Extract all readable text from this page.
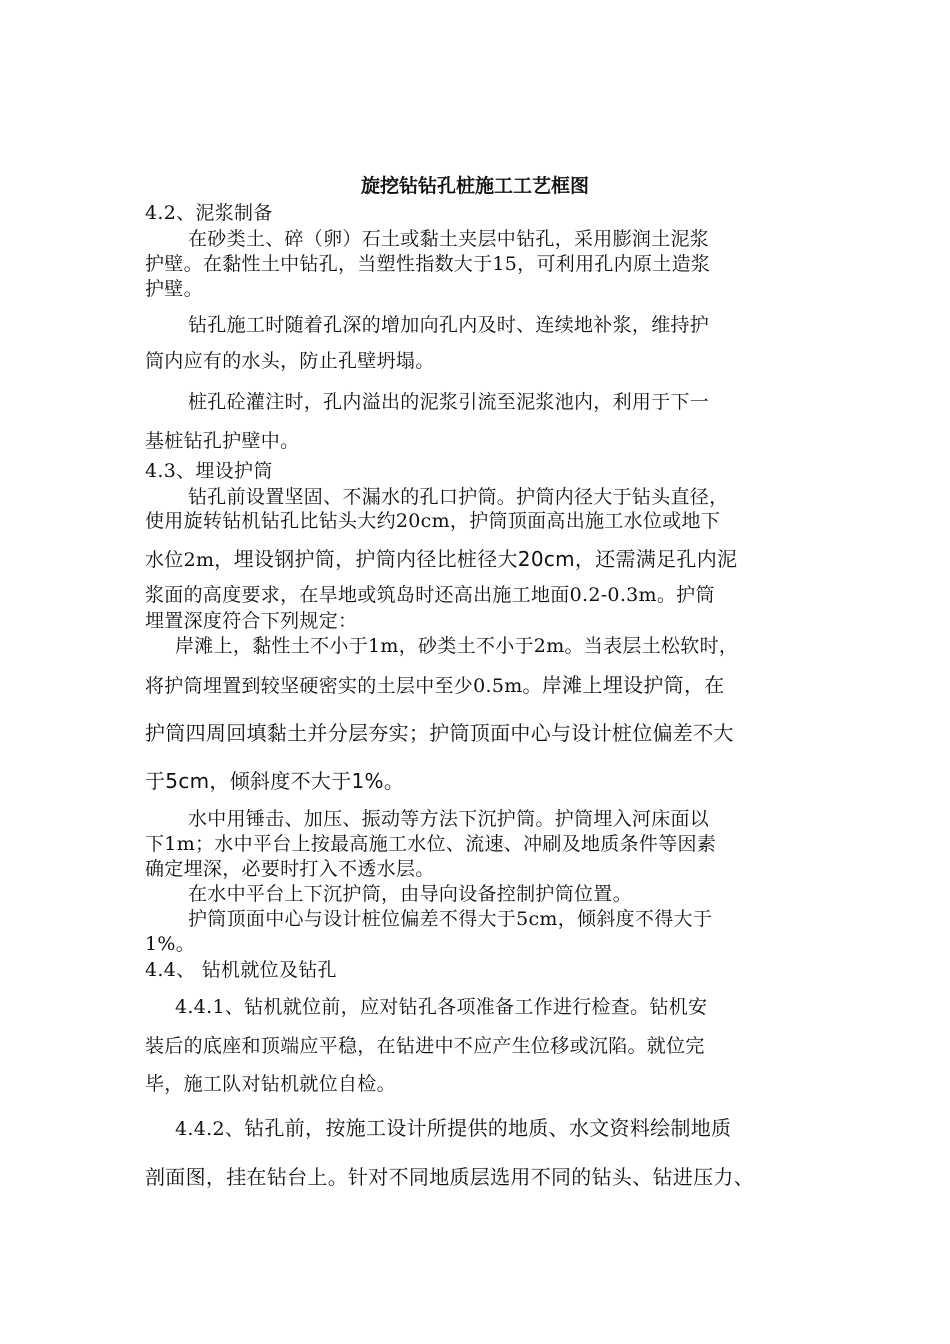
旋挖钻钻孔桩施工工艺框图
4.2、泥浆制备
在砂类土、碎（卵）石土或黏土夹层中钻孔，采用膨润土泥浆
护壁。在黏性土中钻孔，当塑性指数大于15，可利用孔内原土造浆
护壁。
钻孔施工时随着孔深的增加向孔内及时、连续地补浆，维持护
筒内应有的水头，防止孔壁坍塌。
桩孔砼灌注时，孔内溢出的泥浆引流至泥浆池内，利用于下一
基桩钻孔护壁中。
4.3、埋设护筒
钻孔前设置坚固、不漏水的孔口护筒。护筒内径大于钻头直径，
使用旋转钻机钻孔比钻头大约20cm，护筒顶面高出施工水位或地下
水位2m，埋设钢护筒，护筒内径比桩径大20cm，还需满足孔内泥
浆面的高度要求，在旱地或筑岛时还高出施工地面0.2-0.3m。护筒
埋置深度符合下列规定：
岸滩上，黏性土不小于1m，砂类土不小于2m。当表层土松软时，
将护筒埋置到较坚硬密实的土层中至少0.5m。岸滩上埋设护筒，在
护筒四周回填黏土并分层夯实；护筒顶面中心与设计桩位偏差不大
于5cm，倾斜度不大于1%。
水中用锤击、加压、振动等方法下沉护筒。护筒埋入河床面以
下1m；水中平台上按最高施工水位、流速、冲刷及地质条件等因素
确定埋深，必要时打入不透水层。
在水中平台上下沉护筒，由导向设备控制护筒位置。
护筒顶面中心与设计桩位偏差不得大于5cm，倾斜度不得大于
1%。
4.4、 钻机就位及钻孔
4.4.1、钻机就位前，应对钻孔各项准备工作进行检查。钻机安
装后的底座和顶端应平稳，在钻进中不应产生位移或沉陷。就位完
毕，施工队对钻机就位自检。
4.4.2、钻孔前，按施工设计所提供的地质、水文资料绘制地质
剖面图，挂在钻台上。针对不同地质层选用不同的钻头、钻进压力、
